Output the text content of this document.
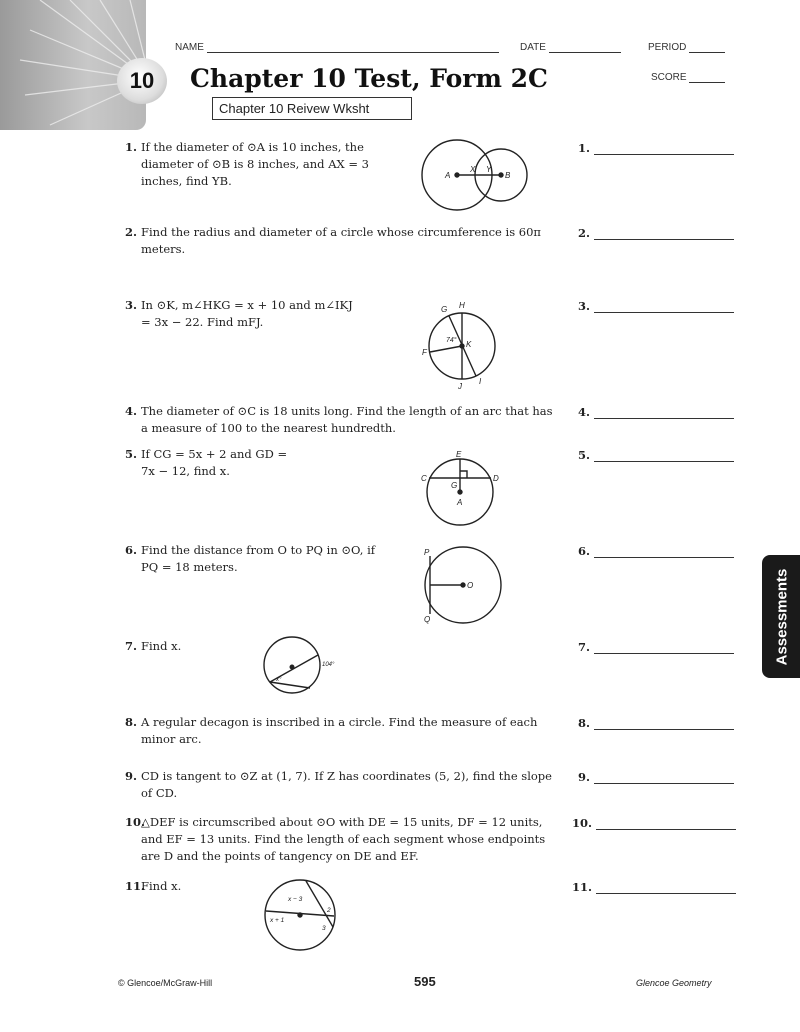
10
NAME	DATE	PERIOD
SCORE
Chapter 10 Test, Form 2C
Chapter 10 Reivew Wksht
1. If the diameter of ⊙A is 10 inches, the diameter of ⊙B is 8 inches, and AX = 3 inches, find YB.
2. Find the radius and diameter of a circle whose circumference is 60π meters.
3. In ⊙K, m∠HKG = x + 10 and m∠IKJ = 3x − 22. Find mFJ.
4. The diameter of ⊙C is 18 units long. Find the length of an arc that has a measure of 100 to the nearest hundredth.
5. If CG = 5x + 2 and GD = 7x − 12, find x.
6. Find the distance from O to PQ in ⊙O, if PQ = 18 meters.
7. Find x.
8. A regular decagon is inscribed in a circle. Find the measure of each minor arc.
9. CD is tangent to ⊙Z at (1, 7). If Z has coordinates (5, 2), find the slope of CD.
10.△DEF is circumscribed about ⊙O with DE = 15 units, DF = 12 units, and EF = 13 units. Find the length of each segment whose endpoints are D and the points of tangency on DE and EF.
11.Find x.
1.
2.
3.
4.
5.
6.
7.
8.
9.
10.
11.
A	B
X Y
G H
K
F
J
I
74°
E
C	D
G
A
P
Q
O
104°
x°
x − 3
x + 1
2
3
Assessments
© Glencoe/McGraw-Hill	595	Glencoe Geometry
